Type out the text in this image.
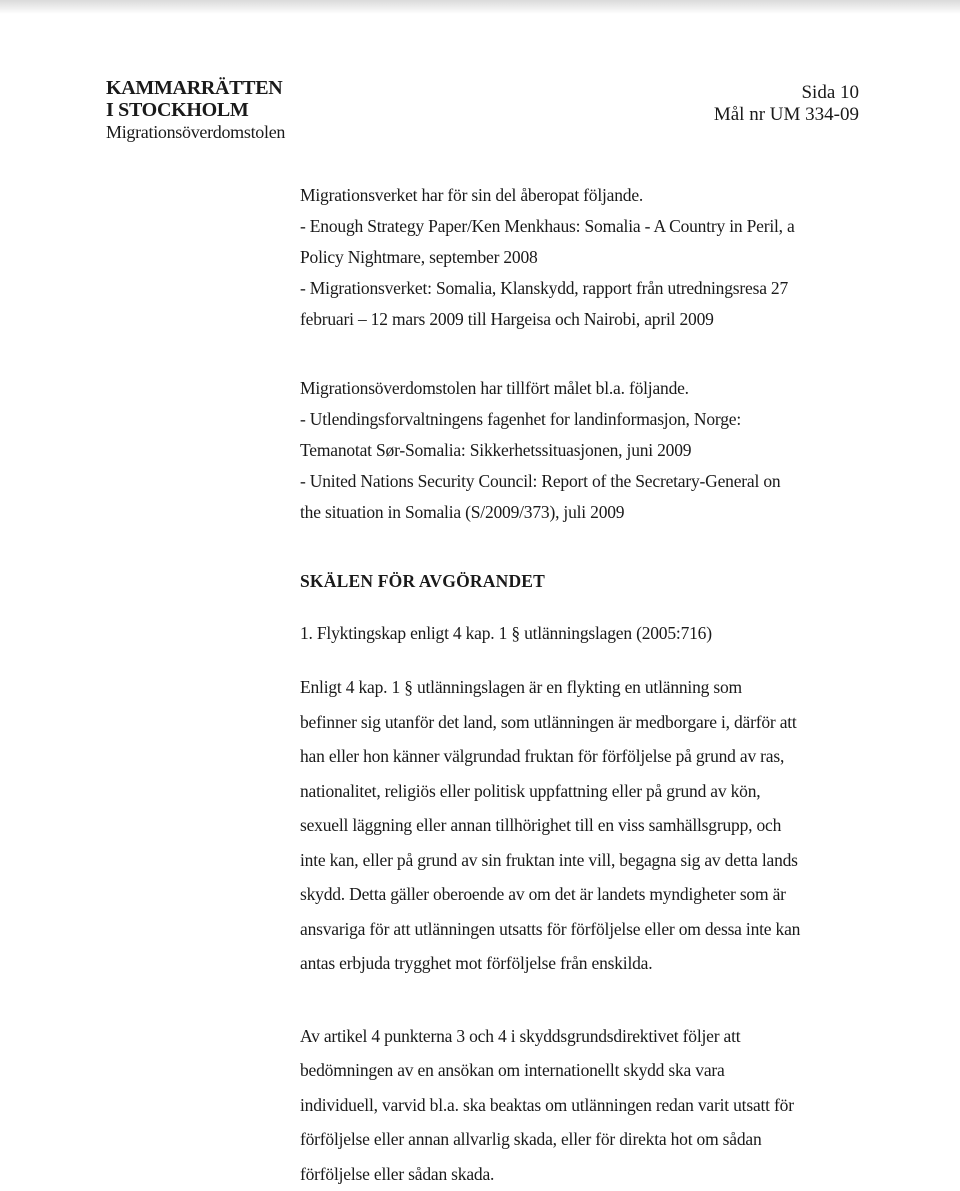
KAMMARRÄTTEN
I STOCKHOLM
Migrationsöverdomstolen
Sida 10
Mål nr UM 334-09
Migrationsverket har för sin del åberopat följande.
- Enough Strategy Paper/Ken Menkhaus: Somalia - A Country in Peril, a
Policy Nightmare, september 2008
- Migrationsverket: Somalia, Klanskydd, rapport från utredningsresa 27
februari – 12 mars 2009 till Hargeisa och Nairobi, april 2009
Migrationsöverdomstolen har tillfört målet bl.a. följande.
- Utlendingsforvaltningens fagenhet for landinformasjon, Norge:
Temanotat Sør-Somalia: Sikkerhetssituasjonen, juni 2009
- United Nations Security Council: Report of the Secretary-General on
the situation in Somalia (S/2009/373), juli 2009
SKÄLEN FÖR AVGÖRANDET
1. Flyktingskap enligt 4 kap. 1 § utlänningslagen (2005:716)
Enligt 4 kap. 1 § utlänningslagen är en flykting en utlänning som
befinner sig utanför det land, som utlänningen är medborgare i, därför att
han eller hon känner välgrundad fruktan för förföljelse på grund av ras,
nationalitet, religiös eller politisk uppfattning eller på grund av kön,
sexuell läggning eller annan tillhörighet till en viss samhällsgrupp, och
inte kan, eller på grund av sin fruktan inte vill, begagna sig av detta lands
skydd. Detta gäller oberoende av om det är landets myndigheter som är
ansvariga för att utlänningen utsatts för förföljelse eller om dessa inte kan
antas erbjuda trygghet mot förföljelse från enskilda.
Av artikel 4 punkterna 3 och 4 i skyddsgrundsdirektivet följer att
bedömningen av en ansökan om internationellt skydd ska vara
individuell, varvid bl.a. ska beaktas om utlänningen redan varit utsatt för
förföljelse eller annan allvarlig skada, eller för direkta hot om sådan
förföljelse eller sådan skada.
